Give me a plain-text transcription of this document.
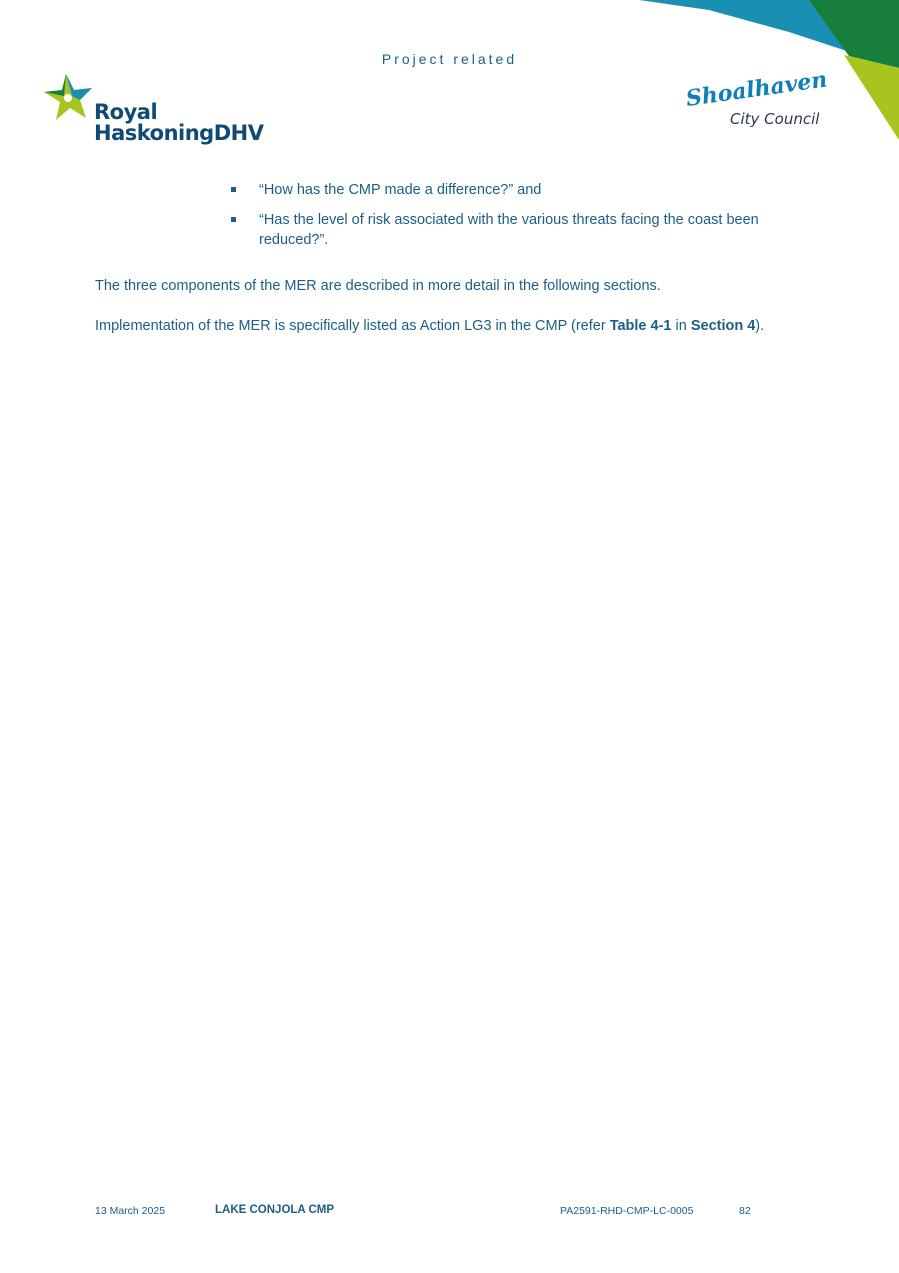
Project related
Royal
HaskoningDHV
Shoalhaven
City Council
“How has the CMP made a difference?” and
“Has the level of risk associated with the various threats facing the coast been reduced?”.

The three components of the MER are described in more detail in the following sections.

Implementation of the MER is specifically listed as Action LG3 in the CMP (refer Table 4-1 in Section 4).

13 March 2025	LAKE CONJOLA CMP	PA2591-RHD-CMP-LC-0005	82
